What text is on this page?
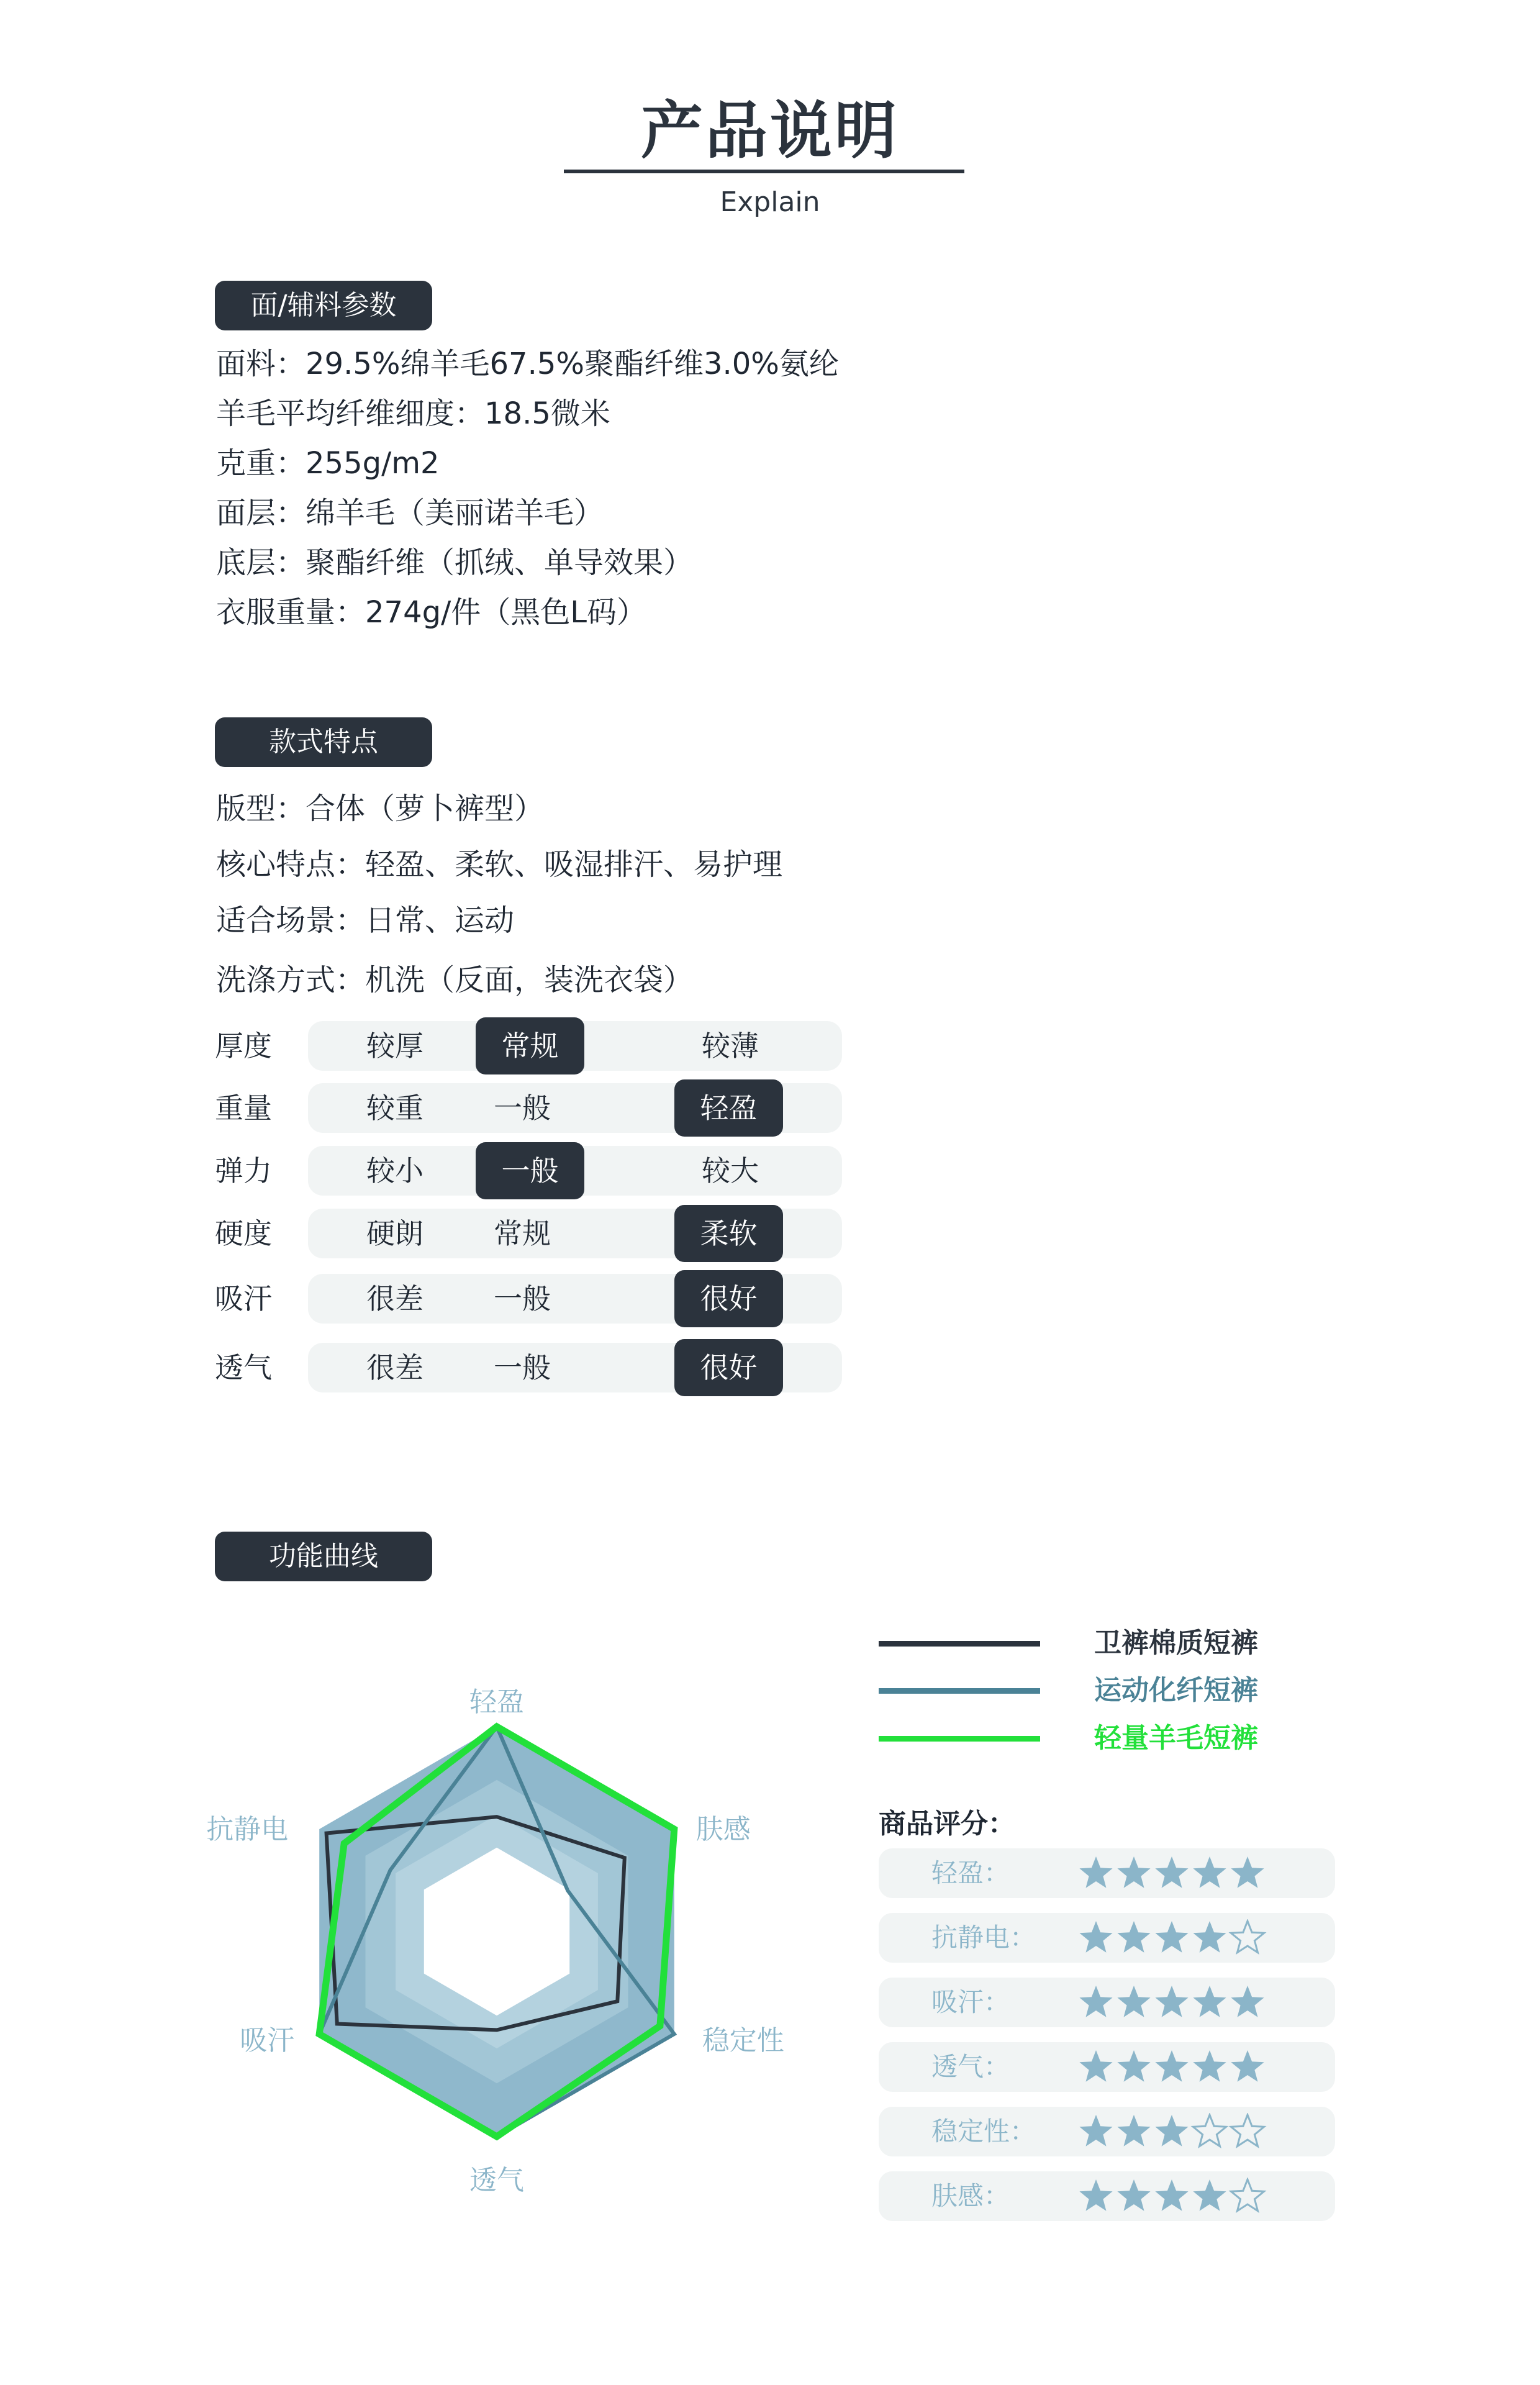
产品说明
Explain
面/辅料参数
面料：29.5%绵羊毛67.5%聚酯纤维3.0%氨纶
羊毛平均纤维细度：18.5微米
克重：255g/m2
面层：绵羊毛（美丽诺羊毛）
底层：聚酯纤维（抓绒、单导效果）
衣服重量：274g/件（黑色L码）
款式特点
版型：合体（萝卜裤型）
核心特点：轻盈、柔软、吸湿排汗、易护理
适合场景：日常、运动
洗涤方式：机洗（反面，装洗衣袋）
厚度	较厚	常规	较薄
重量	较重	一般	轻盈
弹力	较小	一般	较大
硬度	硬朗	常规	柔软
吸汗	很差	一般	很好
透气	很差	一般	很好
功能曲线
轻盈
肤感
稳定性
透气
吸汗
抗静电
卫裤棉质短裤
运动化纤短裤
轻量羊毛短裤
商品评分：
轻盈：
抗静电：
吸汗：
透气：
稳定性：
肤感：
